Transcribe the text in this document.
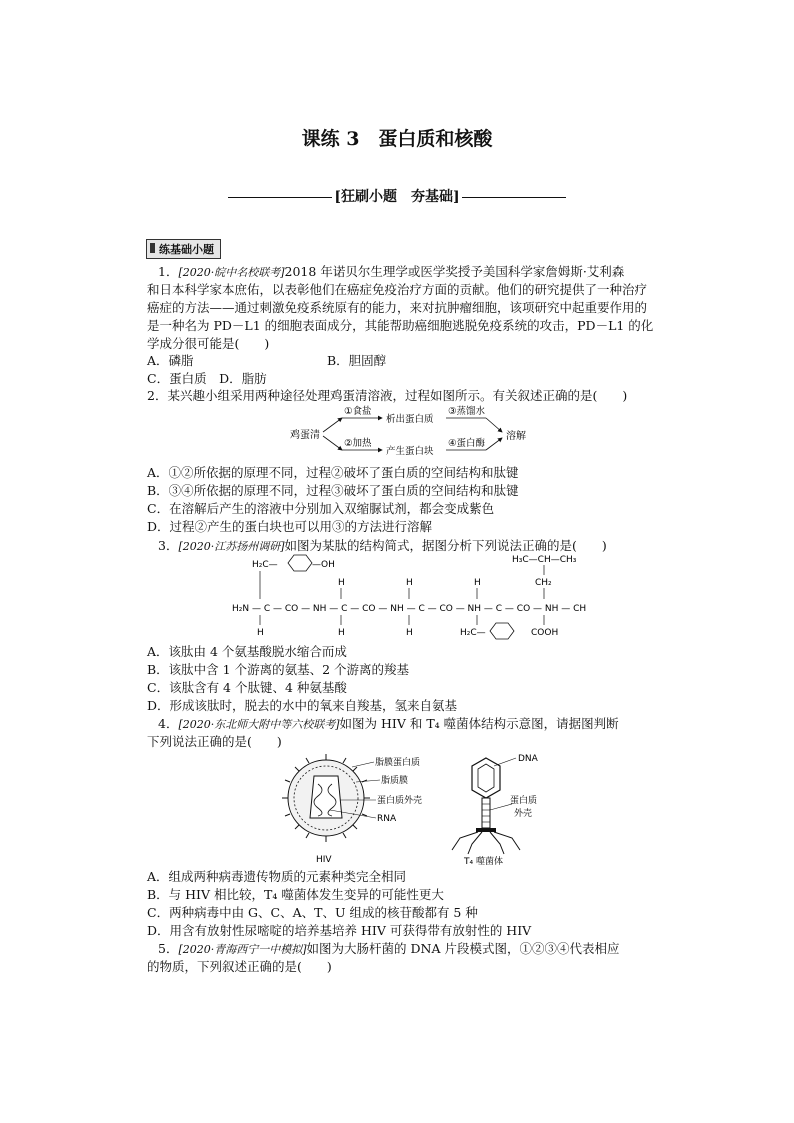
课练 3　蛋白质和核酸
[狂刷小题　夯基础]
练基础小题
1．[2020·皖中名校联考]2018 年诺贝尔生理学或医学奖授予美国科学家詹姆斯·艾利森
和日本科学家本庶佑，以表彰他们在癌症免疫治疗方面的贡献。他们的研究提供了一种治疗
癌症的方法——通过刺激免疫系统原有的能力，来对抗肿瘤细胞，该项研究中起重要作用的
是一种名为 PD－L1 的细胞表面成分，其能帮助癌细胞逃脱免疫系统的攻击，PD－L1 的化
学成分很可能是(　　)
A．磷脂	B．胆固醇
C．蛋白质　D．脂肪
2．某兴趣小组采用两种途径处理鸡蛋清溶液，过程如图所示。有关叙述正确的是(　　)
鸡蛋清
①食盐
析出蛋白质
②加热
产生蛋白块
③蒸馏水
④蛋白酶
溶解
A．①②所依据的原理不同，过程②破坏了蛋白质的空间结构和肽键
B．③④所依据的原理不同，过程③破坏了蛋白质的空间结构和肽键
C．在溶解后产生的溶液中分别加入双缩脲试剂，都会变成紫色
D．过程②产生的蛋白块也可以用③的方法进行溶解
3．[2020·江苏扬州调研]如图为某肽的结构简式，据图分析下列说法正确的是(　　)
H₂C—	—OH	H₃C—CH—CH₃
CH₂
H	H	H
H₂N — C — CO — NH — C — CO — NH — C — CO — NH — C — CO — NH — CH
H	H	H	H₂C—	COOH
A．该肽由 4 个氨基酸脱水缩合而成
B．该肽中含 1 个游离的氨基、2 个游离的羧基
C．该肽含有 4 个肽键、4 种氨基酸
D．形成该肽时，脱去的水中的氧来自羧基，氢来自氨基
4．[2020·东北师大附中等六校联考]如图为 HIV 和 T₄ 噬菌体结构示意图，请据图判断
下列说法正确的是(　　)
脂膜蛋白质
脂质膜
蛋白质外壳
RNA
HIV
DNA
蛋白质
外壳
T₄ 噬菌体
A．组成两种病毒遗传物质的元素种类完全相同
B．与 HIV 相比较，T₄ 噬菌体发生变异的可能性更大
C．两种病毒中由 G、C、A、T、U 组成的核苷酸都有 5 种
D．用含有放射性尿嘧啶的培养基培养 HIV 可获得带有放射性的 HIV
5．[2020·青海西宁一中模拟]如图为大肠杆菌的 DNA 片段模式图，①②③④代表相应
的物质，下列叙述正确的是(　　)
